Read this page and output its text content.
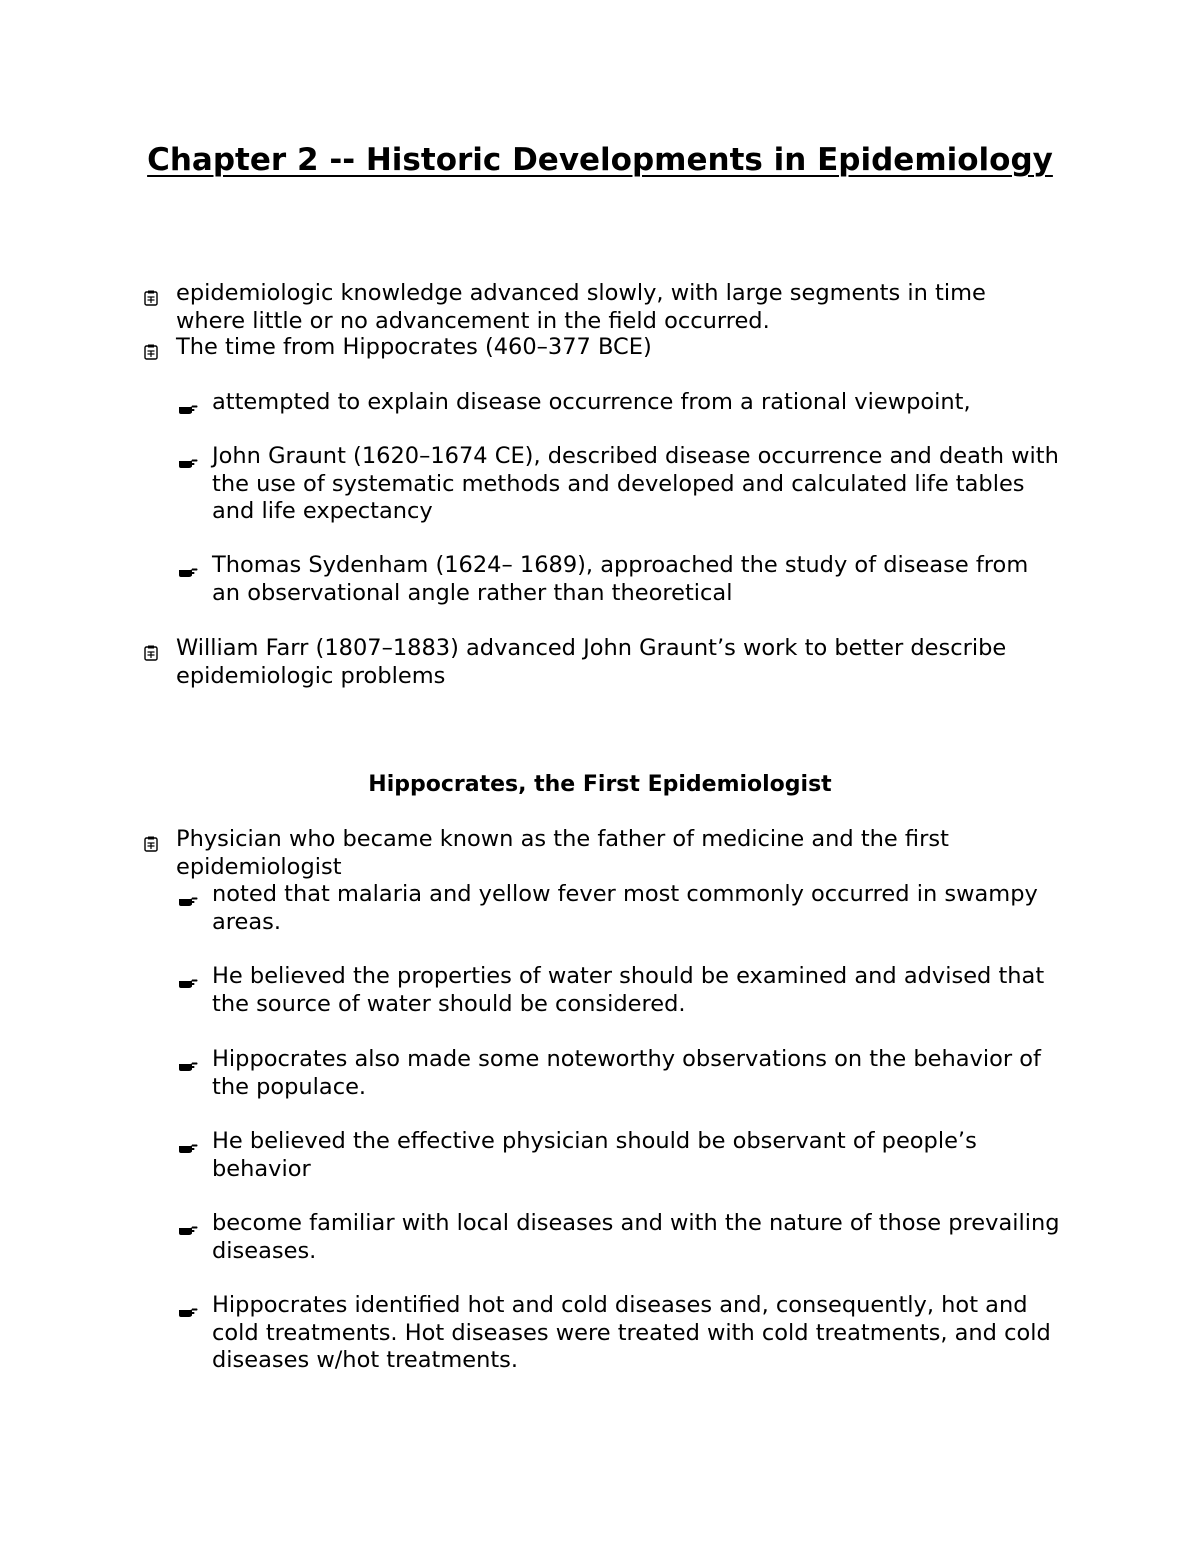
Chapter 2 -- Historic Developments in Epidemiology
epidemiologic knowledge advanced slowly, with large segments in time where little or no advancement in the field occurred.
The time from Hippocrates (460–377 BCE)
attempted to explain disease occurrence from a rational viewpoint,
John Graunt (1620–1674 CE), described disease occurrence and death with the use of systematic methods and developed and calculated life tables and life expectancy
Thomas Sydenham (1624– 1689), approached the study of disease from an observational angle rather than theoretical
William Farr (1807–1883) advanced John Graunt’s work to better describe epidemiologic problems
Hippocrates, the First Epidemiologist
Physician who became known as the father of medicine and the first epidemiologist
noted that malaria and yellow fever most commonly occurred in swampy areas.
He believed the properties of water should be examined and advised that the source of water should be considered.
Hippocrates also made some noteworthy observations on the behavior of the populace.
He believed the effective physician should be observant of people’s behavior
become familiar with local diseases and with the nature of those prevailing diseases.
Hippocrates identified hot and cold diseases and, consequently, hot and cold treatments. Hot diseases were treated with cold treatments, and cold diseases w/hot treatments.
